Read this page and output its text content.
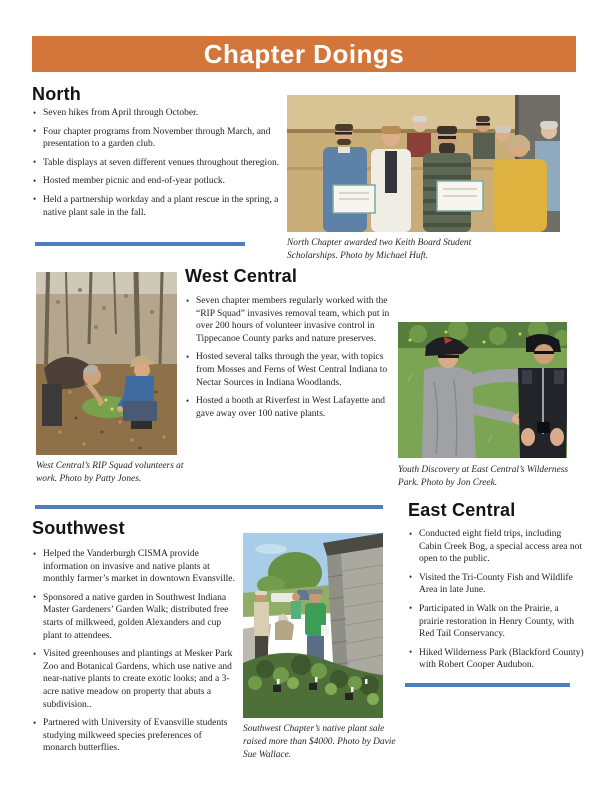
Chapter Doings
North
• Seven hikes from April through October.
• Four chapter programs from November through March, and presentation to a garden club.
• Table displays at seven different venues throughout theregion.
• Hosted member picnic and end-of-year potluck.
• Held a partnership workday and a plant rescue in the spring, a native plant sale in the fall.
North Chapter awarded two Keith Board Student Scholarships. Photo by Michael Huft.
West Central’s RIP Squad volunteers at work. Photo by Patty Jones.
West Central
• Seven chapter members regularly worked with the “RIP Squad” invasives removal team, which put in over 200 hours of volunteer invasive control in Tippecanoe County parks and nature preserves.
• Hosted several talks through the year, with topics from Mosses and Ferns of West Central Indiana to Nectar Sources in Indiana Woodlands.
• Hosted a booth at Riverfest in West Lafayette and gave away over 100 native plants.
Youth Discovery at East Central’s Wilderness Park. Photo by Jon Creek.
Southwest
• Helped the Vanderburgh CISMA provide information on invasive and native plants at monthly farmer’s market in downtown Evansville.
• Sponsored a native garden in Southwest Indiana Master Gardeners’ Garden Walk; distributed free starts of milkweed, golden Alexanders and cup plant to attendees.
• Visited greenhouses and plantings at Mesker Park Zoo and Botanical Gardens, which use native and near-native plants to create exotic looks; and a 3-acre native meadow on property that abuts a subdivision..
• Partnered with University of Evansville students studying milkweed species preferences of monarch butterflies.
Southwest Chapter’s native plant sale raised more than $4000. Photo by Davie Sue Wallace.
East Central
• Conducted eight field trips, including Cabin Creek Bog, a special access area not open to the public.
• Visited the Tri-County Fish and Wildlife Area in late June.
• Participated in Walk on the Prairie, a prairie restoration in Henry County, with Red Tail Conservancy.
• Hiked Wilderness Park (Blackford County) with Robert Cooper Audubon.
